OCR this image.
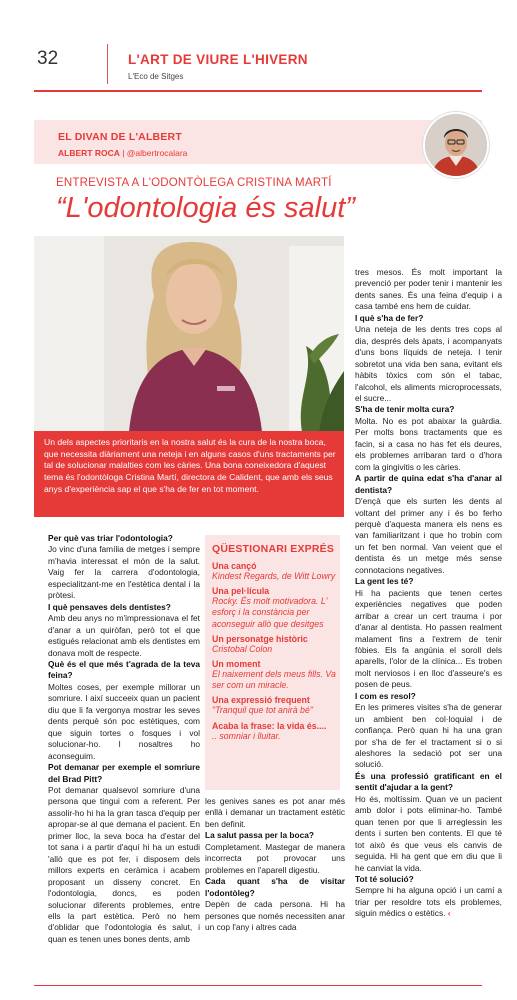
32	L'ART DE VIURE L'HIVERN
L'Eco de Sitges
EL DIVAN DE L'ALBERT
ALBERT ROCA | @albertrocalara
ENTREVISTA A L'ODONTÒLEGA CRISTINA MARTÍ
“L'odontologia és salut”
Un dels aspectes prioritaris en la nostra salut és la cura de la nostra boca, que necessita diàriament una neteja i en alguns casos d'uns tractaments per tal de solucionar malalties com les càries. Una bona coneixedora d'aquest tema és l'odontòloga Cristina Martí, directora de Calident, que amb els seus anys d'experiència sap el que s'ha de fer en tot moment.

Per què vas triar l'odontologia?
Jo vinc d'una família de metges i sempre m'havia interessat el món de la salut. Vaig fer la carrera d'odontologia, especialitzant-me en l'estètica dental i la pròtesi.

I què pensaves dels dentistes?
Amb deu anys no m'impressionava el fet d'anar a un quiròfan, però tot el que estigués relacionat amb els dentistes em donava molt de respecte.

Què és el que més t'agrada de la teva feina?
Moltes coses, per exemple millorar un somriure. I així succeeix quan un pacient diu que li fa vergonya mostrar les seves dents perquè són poc estètiques, com que siguin tortes o fosques i vol solucionar-ho. I nosaltres ho aconseguim.

Pot demanar per exemple el somriure del Brad Pitt?
Pot demanar qualsevol somriure d'una persona que tingui com a referent. Per assolir-ho hi ha la gran tasca d'equip per apropar-se al que demana el pacient. En primer lloc, la seva boca ha d'estar del tot sana i a partir d'aquí hi ha un estudi 'allò que es pot fer, i disposem dels millors experts en ceràmica i acabem proposant un disseny concret. En l'odontologia, doncs, es poden solucionar diferents problemes, entre ells la part estètica. Però no hem d'oblidar que l'odontologia és salut, i quan es tenen unes bones dents, amb

QÜESTIONARI EXPRÉS
Una cançó
Kindest Regards, de Witt Lowry
Una pel·lícula
Rocky. És molt motivadora. L' esforç i la constància per aconseguir allò que desitges
Un personatge històric
Cristobal Colon
Un moment
El naixement dels meus fills. Va ser com un miracle.
Una expressió frequent
"Tranquil que tot anirà bé"
Acaba la frase: la vida és....
.. somniar i lluitar.

les genives sanes es pot anar més enllà i demanar un tractament estètic ben definit.

La salut passa per la boca?
Completament. Mastegar de manera incorrecta pot provocar uns problemes en l'aparell digestiu.

Cada quant s'ha de visitar l'odontòleg?
Depèn de cada persona. Hi ha persones que només necessiten anar un cop l'any i altres cada

tres mesos. És molt important la prevenció per poder tenir i mantenir les dents sanes. És una feina d'equip i a casa també ens hem de cuidar.

I què s'ha de fer?
Una neteja de les dents tres cops al dia, després dels àpats, i acompanyats d'uns bons líquids de neteja. I tenir sobretot una vida ben sana, evitant els hàbits tòxics com són el tabac, l'alcohol, els aliments microprocessats, el sucre...

S'ha de tenir molta cura?
Molta. No es pot abaixar la guàrdia. Per molts bons tractaments que es facin, si a casa no has fet els deures, els problemes arribaran tard o d'hora com la gingivitis o les càries.

A partir de quina edat s'ha d'anar al dentista?
D'ençà que els surten les dents al voltant del primer any i és bo ferho perquè d'aquesta manera els nens es van familiaritzant i que ho trobin com un fet ben normal. Van veient que el dentista és un metge més sense connotacions negatives.

La gent les té?
Hi ha pacients que tenen certes experiències negatives que poden arribar a crear un cert trauma i por d'anar al dentista. Ho passen realment malament fins a l'extrem de tenir fòbies. Els fa angúnia el soroll dels aparells, l'olor de la clínica... Es troben molt nerviosos i en lloc d'asseure's es posen de peus.

I com es resol?
En les primeres visites s'ha de generar un ambient ben col·loquial i de confiança. Però quan hi ha una gran por s'ha de fer el tractament si o si aleshores la sedació pot ser una solució.

És una professió gratificant en el sentit d'ajudar a la gent?
Ho és, moltíssim. Quan ve un pacient amb dolor i pots eliminar-ho. També quan tenen por que li arreglessin les dents i surten ben contents. El que té tot això és que veus els canvis de seguida. Hi ha gent que em diu que li he canviat la vida.

Tot té solució?
Sempre hi ha alguna opció i un camí a triar per resoldre tots els problemes, siguin mèdics o estètics. ‹
